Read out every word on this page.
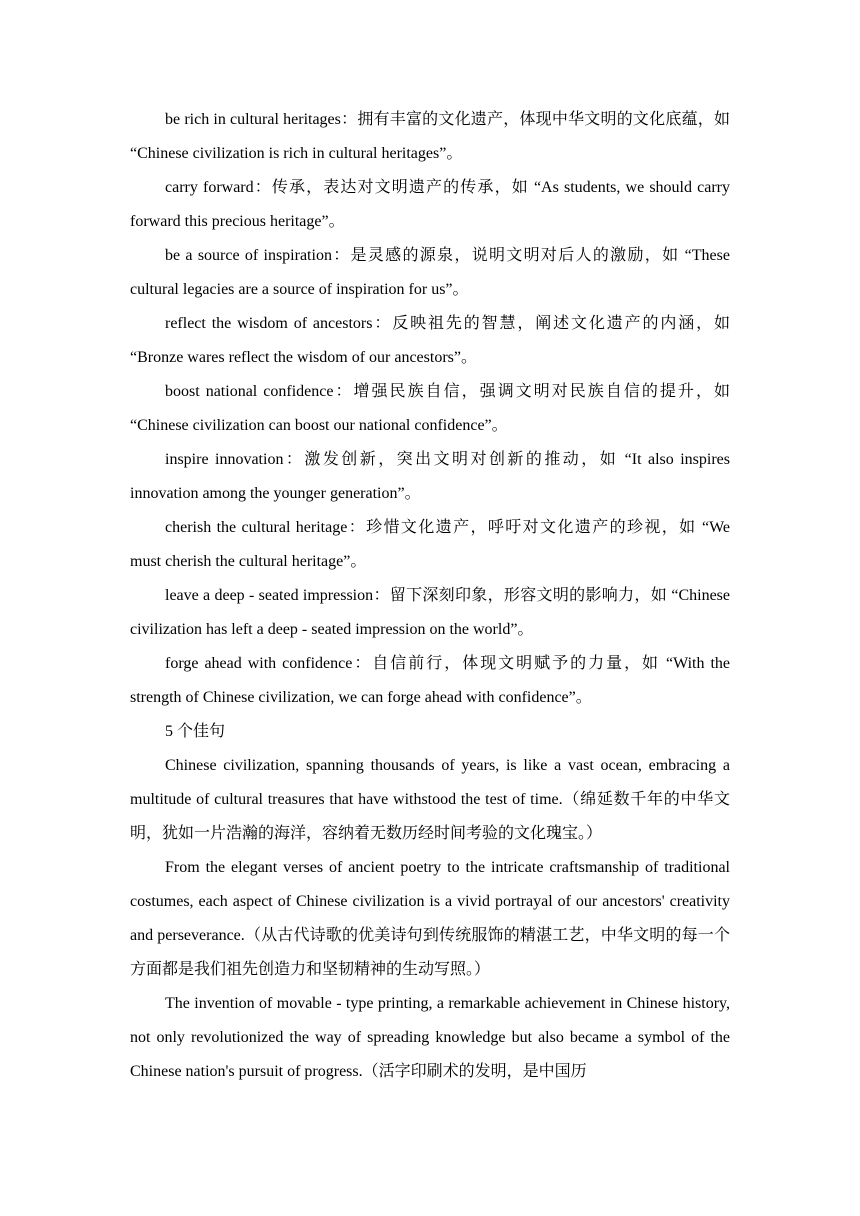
be rich in cultural heritages：拥有丰富的文化遗产，体现中华文明的文化底蕴，如 “Chinese civilization is rich in cultural heritages”。

carry forward：传承，表达对文明遗产的传承，如 “As students, we should carry forward this precious heritage”。

be a source of inspiration：是灵感的源泉，说明文明对后人的激励，如 “These cultural legacies are a source of inspiration for us”。

reflect the wisdom of ancestors：反映祖先的智慧，阐述文化遗产的内涵，如 “Bronze wares reflect the wisdom of our ancestors”。

boost national confidence：增强民族自信，强调文明对民族自信的提升，如 “Chinese civilization can boost our national confidence”。

inspire innovation：激发创新，突出文明对创新的推动，如 “It also inspires innovation among the younger generation”。

cherish the cultural heritage：珍惜文化遗产，呼吁对文化遗产的珍视，如 “We must cherish the cultural heritage”。

leave a deep - seated impression：留下深刻印象，形容文明的影响力，如 “Chinese civilization has left a deep - seated impression on the world”。

forge ahead with confidence：自信前行，体现文明赋予的力量，如 “With the strength of Chinese civilization, we can forge ahead with confidence”。

5 个佳句

Chinese civilization, spanning thousands of years, is like a vast ocean, embracing a multitude of cultural treasures that have withstood the test of time.（绵延数千年的中华文明，犹如一片浩瀚的海洋，容纳着无数历经时间考验的文化瑰宝。）

From the elegant verses of ancient poetry to the intricate craftsmanship of traditional costumes, each aspect of Chinese civilization is a vivid portrayal of our ancestors' creativity and perseverance.（从古代诗歌的优美诗句到传统服饰的精湛工艺，中华文明的每一个方面都是我们祖先创造力和坚韧精神的生动写照。）

The invention of movable - type printing, a remarkable achievement in Chinese history, not only revolutionized the way of spreading knowledge but also became a symbol of the Chinese nation's pursuit of progress.（活字印刷术的发明，是中国历
